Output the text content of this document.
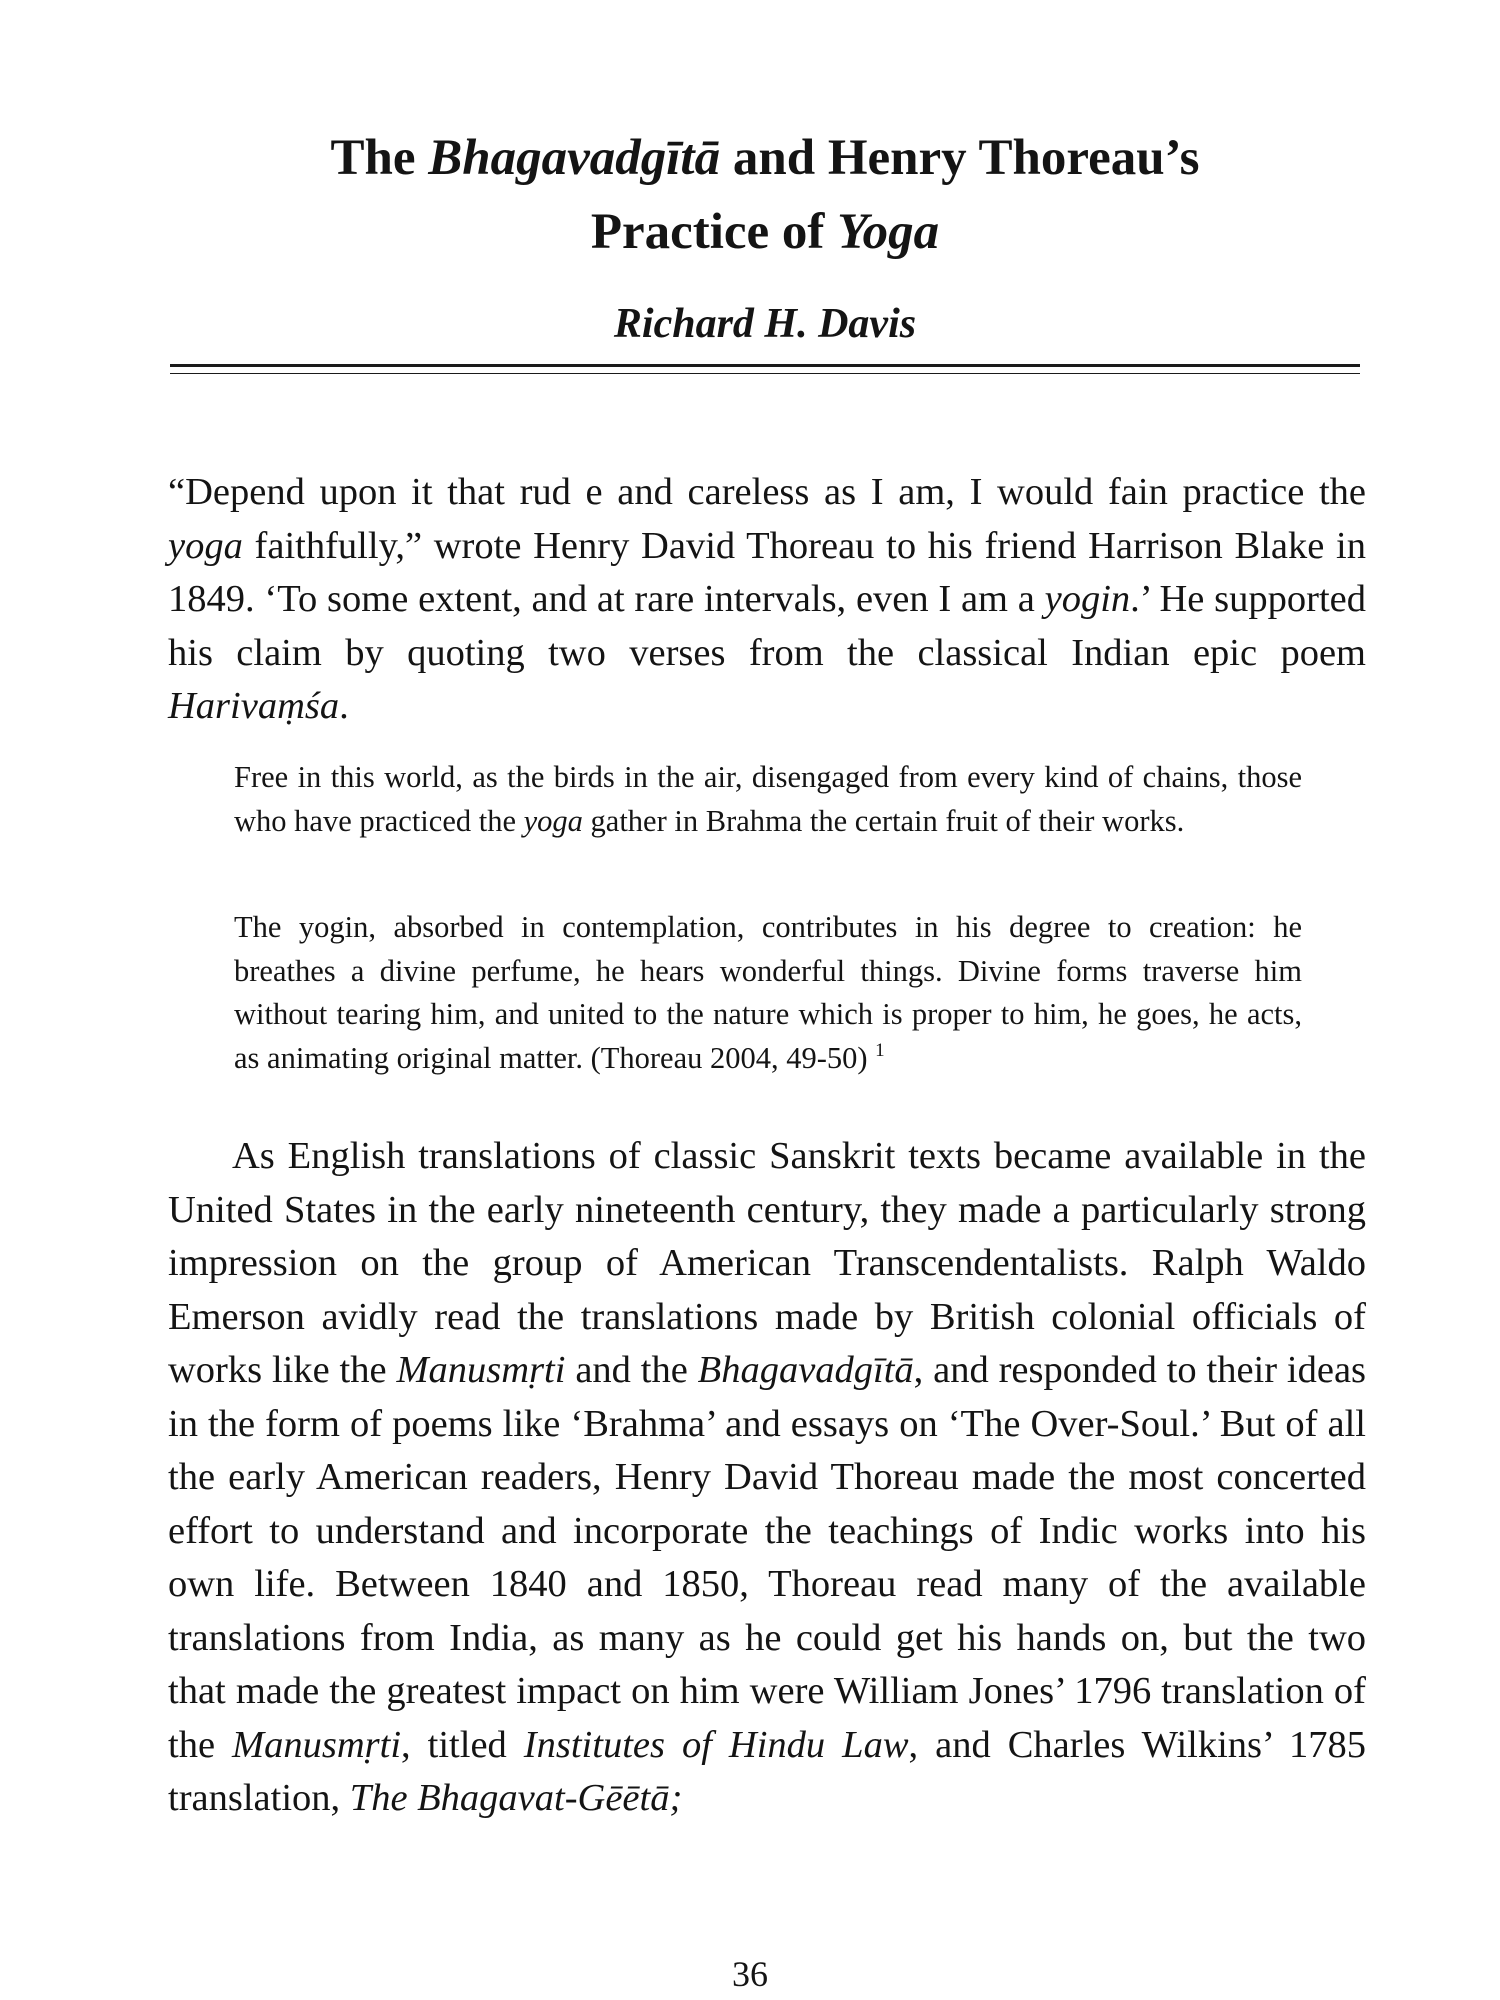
The Bhagavadgītā and Henry Thoreau’s
Practice of Yoga

Richard H. Davis

“Depend upon it that rud e and careless as I am, I would fain practice the yoga faithfully,” wrote Henry David Thoreau to his friend Harrison Blake in 1849. ‘To some extent, and at rare intervals, even I am a yogin.’ He supported his claim by quoting two verses from the classical Indian epic poem Harivaṃśa.

Free in this world, as the birds in the air, disengaged from every kind of chains, those who have practiced the yoga gather in Brahma the certain fruit of their works.

The yogin, absorbed in contemplation, contributes in his degree to creation: he breathes a divine perfume, he hears wonderful things. Divine forms traverse him without tearing him, and united to the nature which is proper to him, he goes, he acts, as animating original matter. (Thoreau 2004, 49-50) $^1$

As English translations of classic Sanskrit texts became available in the United States in the early nineteenth century, they made a particularly strong impression on the group of American Transcendentalists. Ralph Waldo Emerson avidly read the translations made by British colonial officials of works like the Manusmṛti and the Bhagavadgītā, and responded to their ideas in the form of poems like ‘Brahma’ and essays on ‘The Over-Soul.’ But of all the early American readers, Henry David Thoreau made the most concerted effort to understand and incorporate the teachings of Indic works into his own life. Between 1840 and 1850, Thoreau read many of the available translations from India, as many as he could get his hands on, but the two that made the greatest impact on him were William Jones’ 1796 translation of the Manusmṛti, titled Institutes of Hindu Law, and Charles Wilkins’ 1785 translation, The Bhagavat-Gēētā;

36
